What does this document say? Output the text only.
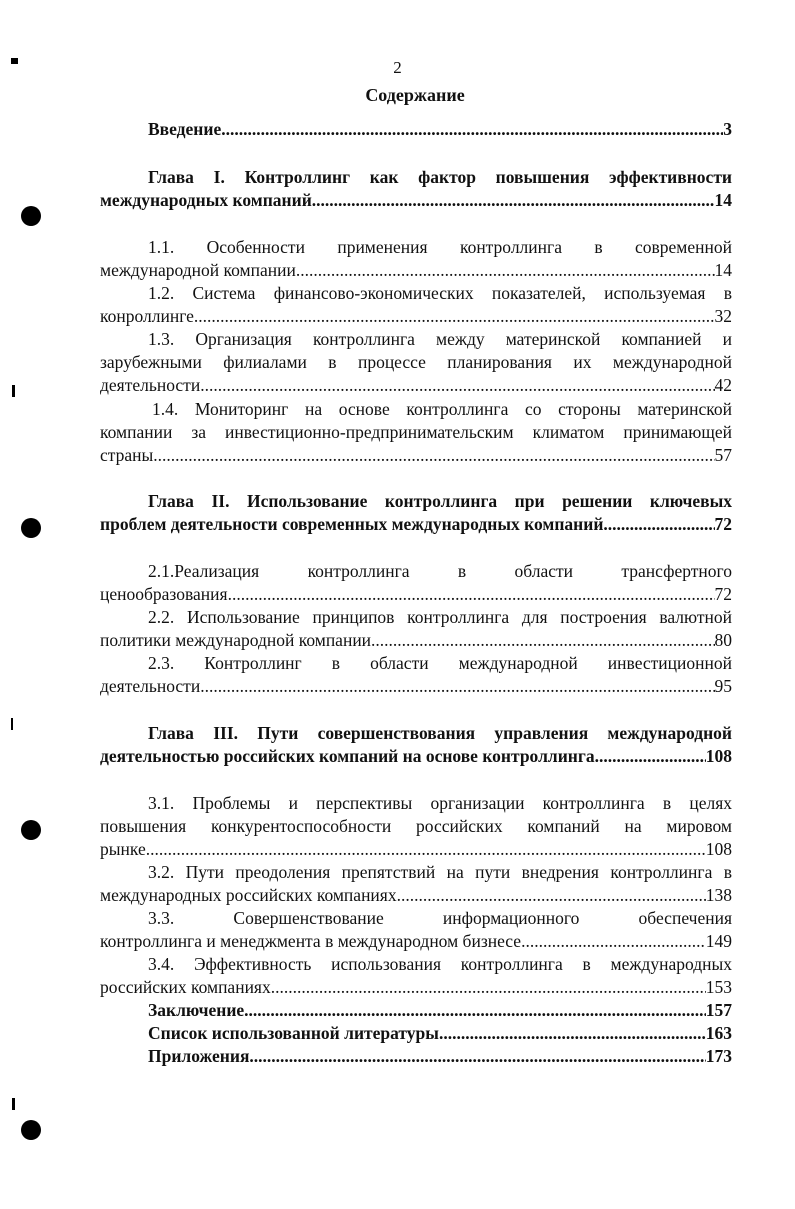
2
Содержание
Введение .....	3
Глава I. Контроллинг как фактор повышения эффективности
международных компаний .....	14
1.1. Особенности применения контроллинга в современной
международной компании .....	14
1.2. Система финансово-экономических показателей, используемая в
конроллинге .....	32
1.3. Организация контроллинга между материнской компанией и
зарубежными филиалами в процессе планирования их международной
деятельности .....	42
1.4. Мониторинг на основе контроллинга со стороны материнской
компании за инвестиционно-предпринимательским климатом принимающей
страны .....	57
Глава II. Использование контроллинга при решении ключевых
проблем деятельности современных международных компаний .....	72
2.1.Реализация контроллинга в области трансфертного
ценообразования .....	72
2.2. Использование принципов контроллинга для построения валютной
политики международной компании .....	80
2.3. Контроллинг в области международной инвестиционной
деятельности .....	95
Глава III. Пути совершенствования управления международной
деятельностью российских компаний на основе контроллинга .....	108
3.1. Проблемы и перспективы организации контроллинга в целях
повышения конкурентоспособности российских компаний на мировом
рынке .....	108
3.2. Пути преодоления препятствий на пути внедрения контроллинга в
международных российских компаниях .....	138
3.3. Совершенствование информационного обеспечения
контроллинга и менеджмента в международном бизнесе .....	149
3.4. Эффективность использования контроллинга в международных
российских компаниях .....	153
Заключение .....	157
Список использованной литературы .....	163
Приложения .....	173
